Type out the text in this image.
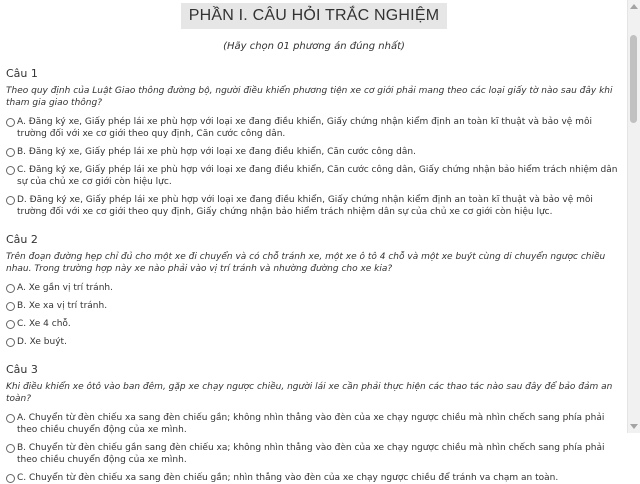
PHẦN I. CÂU HỎI TRẮC NGHIỆM
(Hãy chọn 01 phương án đúng nhất)
Câu 1
Theo quy định của Luật Giao thông đường bộ, người điều khiển phương tiện xe cơ giới phải mang theo các loại giấy tờ nào sau đây khi tham gia giao thông?
A. Đăng ký xe, Giấy phép lái xe phù hợp với loại xe đang điều khiển, Giấy chứng nhận kiểm định an toàn kĩ thuật và bảo vệ môi trường đối với xe cơ giới theo quy định, Căn cước công dân.
B. Đăng ký xe, Giấy phép lái xe phù hợp với loại xe đang điều khiển, Căn cước công dân.
C. Đăng ký xe, Giấy phép lái xe phù hợp với loại xe đang điều khiển, Căn cước công dân, Giấy chứng nhận bảo hiểm trách nhiệm dân sự của chủ xe cơ giới còn hiệu lực.
D. Đăng ký xe, Giấy phép lái xe phù hợp với loại xe đang điều khiển, Giấy chứng nhận kiểm định an toàn kĩ thuật và bảo vệ môi trường đối với xe cơ giới theo quy định, Giấy chứng nhận bảo hiểm trách nhiệm dân sự của chủ xe cơ giới còn hiệu lực.
Câu 2
Trên đoạn đường hẹp chỉ đủ cho một xe đi chuyển và có chỗ tránh xe, một xe ô tô 4 chỗ và một xe buýt cùng di chuyển ngược chiều nhau. Trong trường hợp này xe nào phải vào vị trí tránh và nhường đường cho xe kia?
A. Xe gần vị trí tránh.
B. Xe xa vị trí tránh.
C. Xe 4 chỗ.
D. Xe buýt.
Câu 3
Khi điều khiển xe ôtô vào ban đêm, gặp xe chạy ngược chiều, người lái xe cần phải thực hiện các thao tác nào sau đây để bảo đảm an toàn?
A. Chuyển từ đèn chiếu xa sang đèn chiếu gần; không nhìn thẳng vào đèn của xe chạy ngược chiều mà nhìn chếch sang phía phải theo chiều chuyển động của xe mình.
B. Chuyển từ đèn chiếu gần sang đèn chiếu xa; không nhìn thẳng vào đèn của xe chạy ngược chiều mà nhìn chếch sang phía phải theo chiều chuyển động của xe mình.
C. Chuyển từ đèn chiếu xa sang đèn chiếu gần; nhìn thẳng vào đèn của xe chạy ngược chiều để tránh va chạm an toàn.
